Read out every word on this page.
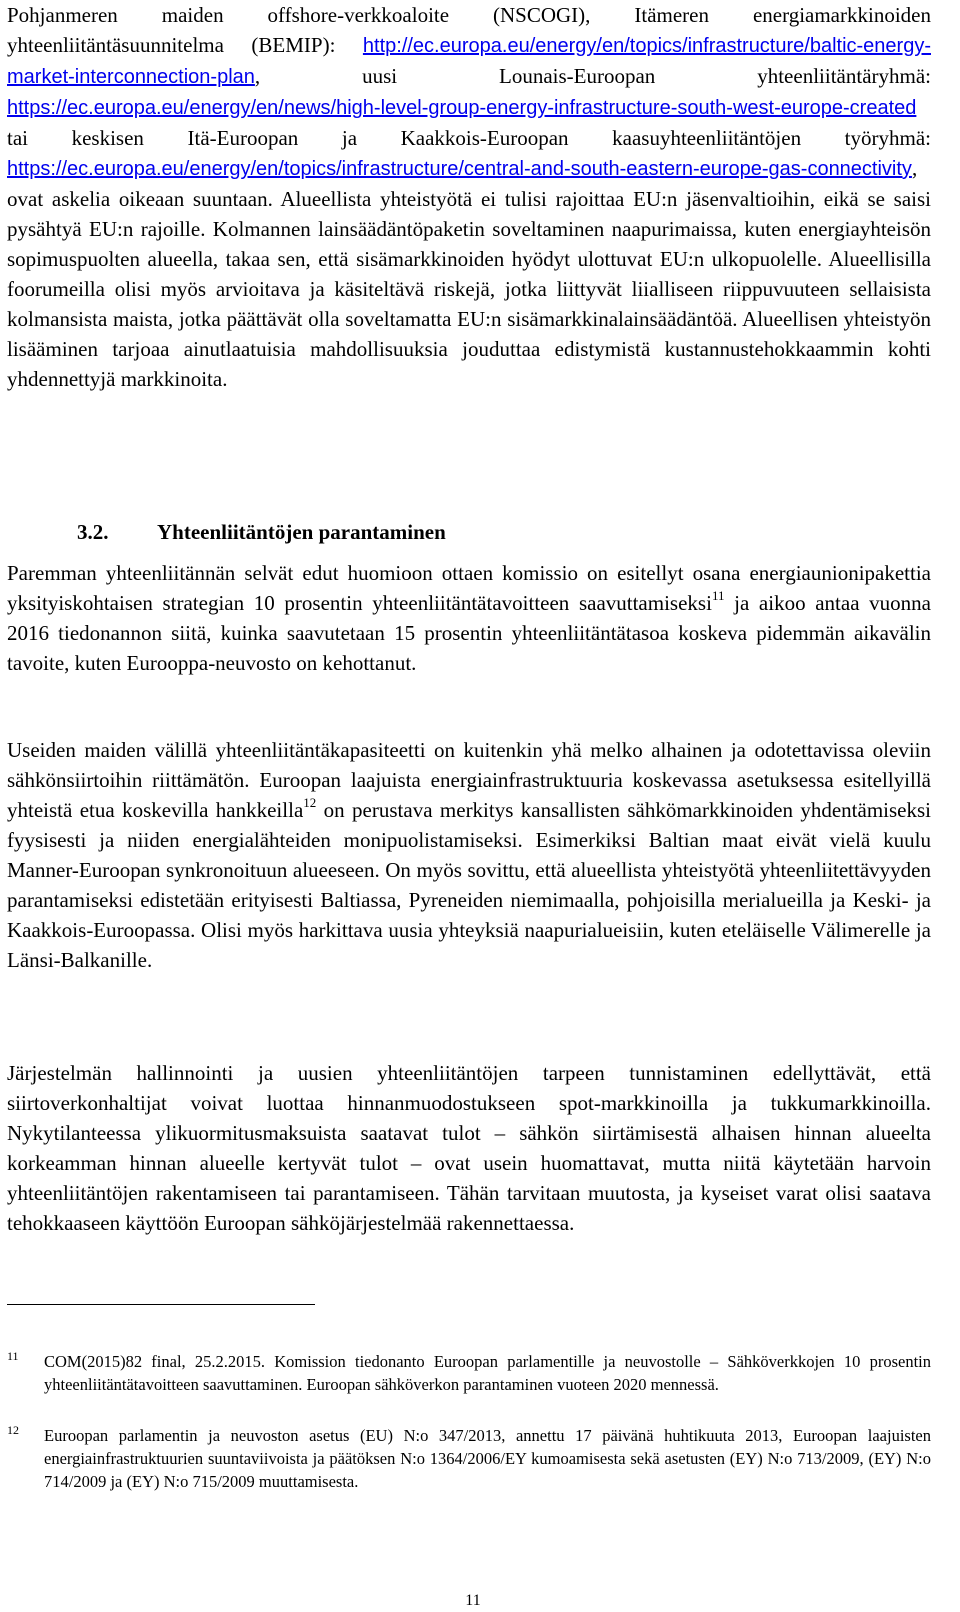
Pohjanmeren maiden offshore-verkkoaloite (NSCOGI), Itämeren energiamarkkinoiden yhteenliitäntäsuunnitelma (BEMIP): http://ec.europa.eu/energy/en/topics/infrastructure/baltic-energy-market-interconnection-plan, uusi Lounais-Euroopan yhteenliitäntäryhmä: https://ec.europa.eu/energy/en/news/high-level-group-energy-infrastructure-south-west-europe-created tai keskisen Itä-Euroopan ja Kaakkois-Euroopan kaasuyhteenliitäntöjen työryhmä: https://ec.europa.eu/energy/en/topics/infrastructure/central-and-south-eastern-europe-gas-connectivity, ovat askelia oikeaan suuntaan. Alueellista yhteistyötä ei tulisi rajoittaa EU:n jäsenvaltioihin, eikä se saisi pysähtyä EU:n rajoille. Kolmannen lainsäädäntöpaketin soveltaminen naapurimaissa, kuten energiayhteisön sopimuspuolten alueella, takaa sen, että sisämarkkinoiden hyödyt ulottuvat EU:n ulkopuolelle. Alueellisilla foorumeilla olisi myös arvioitava ja käsiteltävä riskejä, jotka liittyvät liialliseen riippuvuuteen sellaisista kolmansista maista, jotka päättävät olla soveltamatta EU:n sisämarkkinalainsäädäntöä. Alueellisen yhteistyön lisääminen tarjoaa ainutlaatuisia mahdollisuuksia jouduttaa edistymistä kustannustehokkaammin kohti yhdennettyjä markkinoita.

3.2. Yhteenliitäntöjen parantaminen

Paremman yhteenliitännän selvät edut huomioon ottaen komissio on esitellyt osana energiaunionipakettia yksityiskohtaisen strategian 10 prosentin yhteenliitäntätavoitteen saavuttamiseksi$^{11}$ ja aikoo antaa vuonna 2016 tiedonannon siitä, kuinka saavutetaan 15 prosentin yhteenliitäntätasoa koskeva pidemmän aikavälin tavoite, kuten Eurooppa-neuvosto on kehottanut.

Useiden maiden välillä yhteenliitäntäkapasiteetti on kuitenkin yhä melko alhainen ja odotettavissa oleviin sähkönsiirtoihin riittämätön. Euroopan laajuista energiainfrastruktuuria koskevassa asetuksessa esitellyillä yhteistä etua koskevilla hankkeilla$^{12}$ on perustava merkitys kansallisten sähkömarkkinoiden yhdentämiseksi fyysisesti ja niiden energialähteiden monipuolistamiseksi. Esimerkiksi Baltian maat eivät vielä kuulu Manner-Euroopan synkronoituun alueeseen. On myös sovittu, että alueellista yhteistyötä yhteenliitettävyyden parantamiseksi edistetään erityisesti Baltiassa, Pyreneiden niemimaalla, pohjoisilla merialueilla ja Keski- ja Kaakkois-Euroopassa. Olisi myös harkittava uusia yhteyksiä naapurialueisiin, kuten eteläiselle Välimerelle ja Länsi-Balkanille.

Järjestelmän hallinnointi ja uusien yhteenliitäntöjen tarpeen tunnistaminen edellyttävät, että siirtoverkonhaltijat voivat luottaa hinnanmuodostukseen spot-markkinoilla ja tukkumarkkinoilla. Nykytilanteessa ylikuormitusmaksuista saatavat tulot – sähkön siirtämisestä alhaisen hinnan alueelta korkeamman hinnan alueelle kertyvät tulot – ovat usein huomattavat, mutta niitä käytetään harvoin yhteenliitäntöjen rakentamiseen tai parantamiseen. Tähän tarvitaan muutosta, ja kyseiset varat olisi saatava tehokkaaseen käyttöön Euroopan sähköjärjestelmää rakennettaessa.

11 COM(2015)82 final, 25.2.2015. Komission tiedonanto Euroopan parlamentille ja neuvostolle – Sähköverkkojen 10 prosentin yhteenliitäntätavoitteen saavuttaminen. Euroopan sähköverkon parantaminen vuoteen 2020 mennessä.
12 Euroopan parlamentin ja neuvoston asetus (EU) N:o 347/2013, annettu 17 päivänä huhtikuuta 2013, Euroopan laajuisten energiainfrastruktuurien suuntaviivoista ja päätöksen N:o 1364/2006/EY kumoamisesta sekä asetusten (EY) N:o 713/2009, (EY) N:o 714/2009 ja (EY) N:o 715/2009 muuttamisesta.
11
